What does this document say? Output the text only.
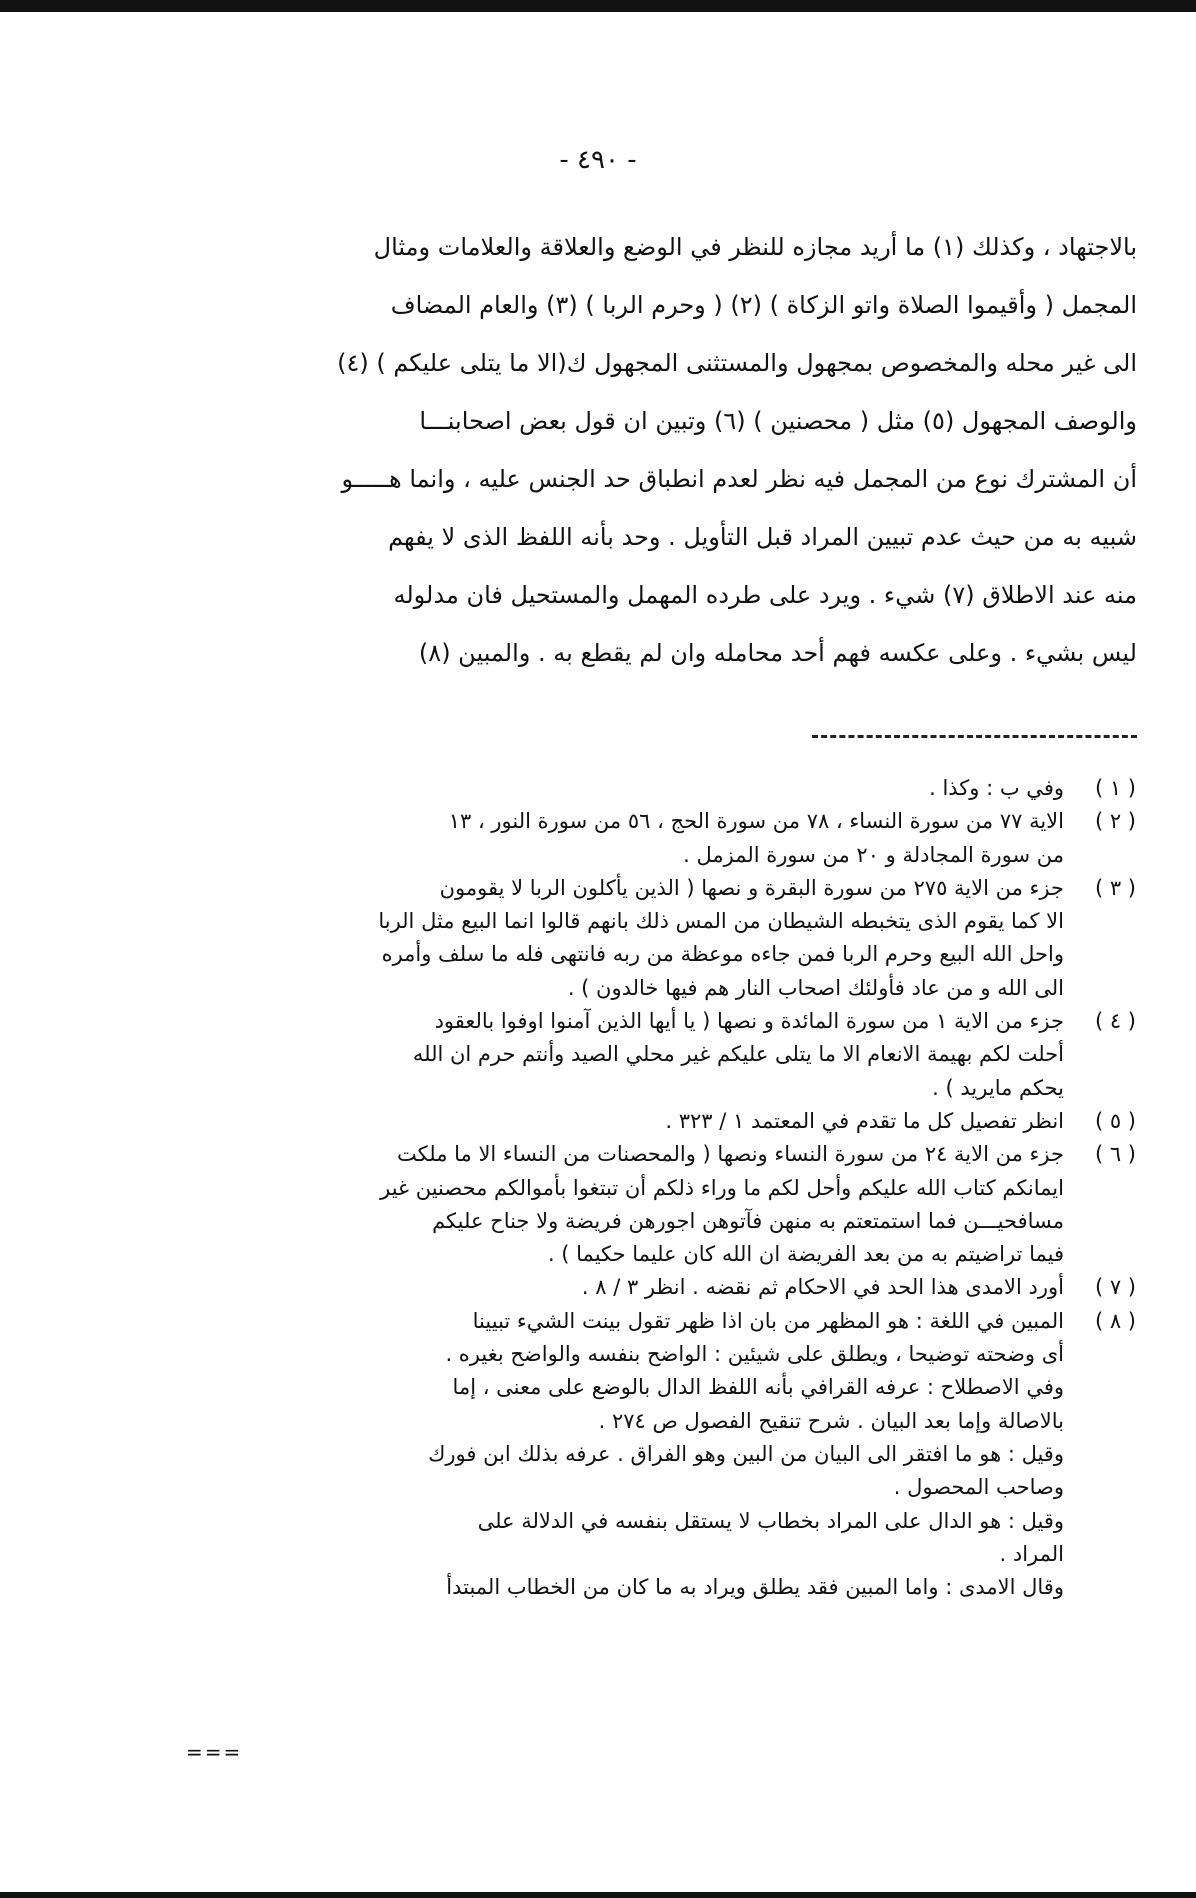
- ٤٩٠ -
بالاجتهاد ، وكذلك (١) ما أريد مجازه للنظر في الوضع والعلاقة والعلامات ومثال
المجمل ( وأقيموا الصلاة واتو الزكاة ) (٢) ( وحرم الربا ) (٣) والعام المضاف
الى غير محله والمخصوص بمجهول والمستثنى المجهول ك(الا ما يتلى عليكم ) (٤)
والوصف المجهول (٥) مثل ( محصنين ) (٦) وتبين ان قول بعض اصحابنـــا
أن المشترك نوع من المجمل فيه نظر لعدم انطباق حد الجنس عليه ، وانما هـــــو
شبيه به من حيث عدم تبيين المراد قبل التأويل . وحد بأنه اللفظ الذى لا يفهم
منه عند الاطلاق (٧) شيء . ويرد على طرده المهمل والمستحيل فان مدلوله
ليس بشيء . وعلى عكسه فهم أحد محامله وان لم يقطع به . والمبين (٨)
( ١ )
وفي ب : وكذا .
( ٢ )
الاية ٧٧ من سورة النساء ، ٧٨ من سورة الحج ، ٥٦ من سورة النور ، ١٣
من سورة المجادلة و ٢٠ من سورة المزمل .
( ٣ )
جزء من الاية ٢٧٥ من سورة البقرة و نصها ( الذين يأكلون الربا لا يقومون
الا كما يقوم الذى يتخبطه الشيطان من المس ذلك بانهم قالوا انما البيع مثل الربا
واحل الله البيع وحرم الربا فمن جاءه موعظة من ربه فانتهى فله ما سلف وأمره
الى الله و من عاد فأولئك اصحاب النار هم فيها خالدون ) .
( ٤ )
جزء من الاية ١ من سورة المائدة و نصها ( يا أيها الذين آمنوا اوفوا بالعقود
أحلت لكم بهيمة الانعام الا ما يتلى عليكم غير محلي الصيد وأنتم حرم ان الله
يحكم مايريد ) .
( ٥ )
انظر تفصيل كل ما تقدم في المعتمد ١ / ٣٢٣ .
( ٦ )
جزء من الاية ٢٤ من سورة النساء ونصها ( والمحصنات من النساء الا ما ملكت
ايمانكم كتاب الله عليكم وأحل لكم ما وراء ذلكم أن تبتغوا بأموالكم محصنين غير
مسافحيـــن فما استمتعتم به منهن فآتوهن اجورهن فريضة ولا جناح عليكم
فيما تراضيتم به من بعد الفريضة ان الله كان عليما حكيما ) .
( ٧ )
أورد الامدى هذا الحد في الاحكام ثم نقضه . انظر ٣ / ٨ .
( ٨ )
المبين في اللغة : هو المظهر من بان اذا ظهر تقول بينت الشيء تبيينا
أى وضحته توضيحا ، ويطلق على شيئين : الواضح بنفسه والواضح بغيره .
وفي الاصطلاح : عرفه القرافي بأنه اللفظ الدال بالوضع على معنى ، إما
بالاصالة وإما بعد البيان . شرح تنقيح الفصول ص ٢٧٤ .
وقيل : هو ما افتقر الى البيان من البين وهو الفراق . عرفه بذلك ابن فورك
وصاحب المحصول .
وقيل : هو الدال على المراد بخطاب لا يستقل بنفسه في الدلالة على
المراد .
وقال الامدى : واما المبين فقد يطلق ويراد به ما كان من الخطاب المبتدأ
===
